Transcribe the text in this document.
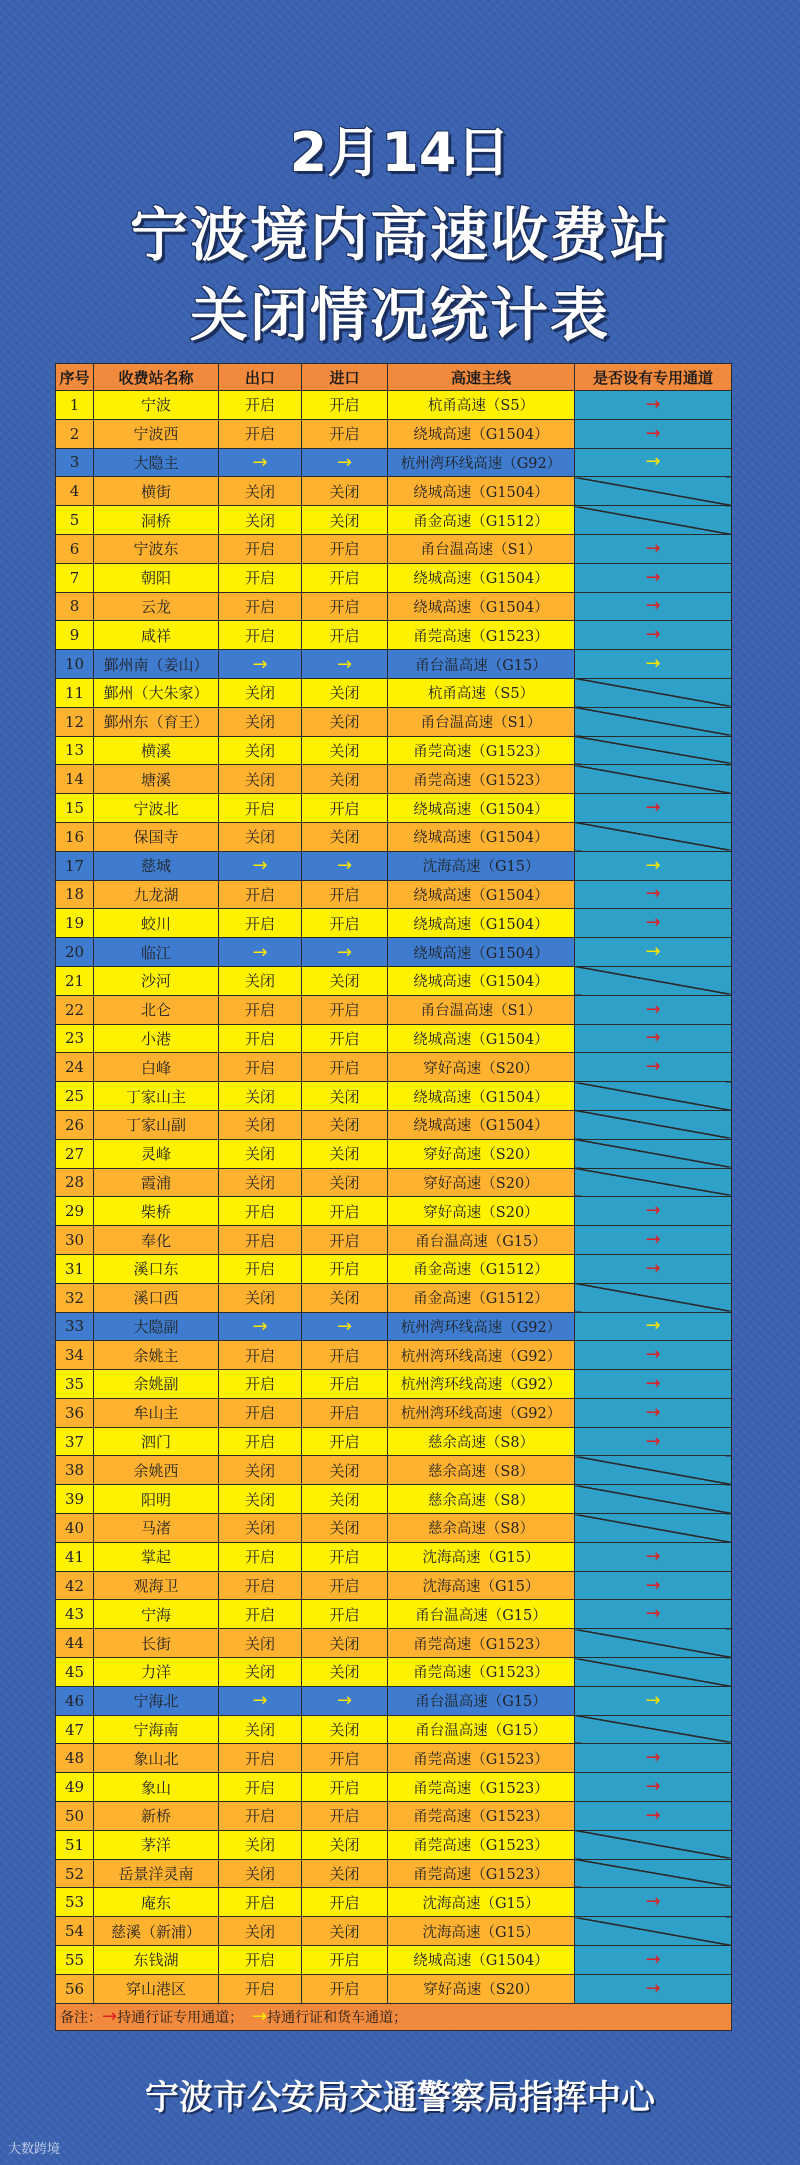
2月14日
宁波境内高速收费站
关闭情况统计表
序号	收费站名称	出口	进口	高速主线	是否设有专用通道
1	宁波	开启	开启	杭甬高速（S5）	→
2	宁波西	开启	开启	绕城高速（G1504）	→
3	大隐主	→	→	杭州湾环线高速（G92）	→
4	横街	关闭	关闭	绕城高速（G1504）	
5	洞桥	关闭	关闭	甬金高速（G1512）	
6	宁波东	开启	开启	甬台温高速（S1）	→
7	朝阳	开启	开启	绕城高速（G1504）	→
8	云龙	开启	开启	绕城高速（G1504）	→
9	咸祥	开启	开启	甬莞高速（G1523）	→
10	鄞州南（姜山）	→	→	甬台温高速（G15）	→
11	鄞州（大朱家）	关闭	关闭	杭甬高速（S5）	
12	鄞州东（育王）	关闭	关闭	甬台温高速（S1）	
13	横溪	关闭	关闭	甬莞高速（G1523）	
14	塘溪	关闭	关闭	甬莞高速（G1523）	
15	宁波北	开启	开启	绕城高速（G1504）	→
16	保国寺	关闭	关闭	绕城高速（G1504）	
17	慈城	→	→	沈海高速（G15）	→
18	九龙湖	开启	开启	绕城高速（G1504）	→
19	蛟川	开启	开启	绕城高速（G1504）	→
20	临江	→	→	绕城高速（G1504）	→
21	沙河	关闭	关闭	绕城高速（G1504）	
22	北仑	开启	开启	甬台温高速（S1）	→
23	小港	开启	开启	绕城高速（G1504）	→
24	白峰	开启	开启	穿好高速（S20）	→
25	丁家山主	关闭	关闭	绕城高速（G1504）	
26	丁家山副	关闭	关闭	绕城高速（G1504）	
27	灵峰	关闭	关闭	穿好高速（S20）	
28	霞浦	关闭	关闭	穿好高速（S20）	
29	柴桥	开启	开启	穿好高速（S20）	→
30	奉化	开启	开启	甬台温高速（G15）	→
31	溪口东	开启	开启	甬金高速（G1512）	→
32	溪口西	关闭	关闭	甬金高速（G1512）	
33	大隐副	→	→	杭州湾环线高速（G92）	→
34	余姚主	开启	开启	杭州湾环线高速（G92）	→
35	余姚副	开启	开启	杭州湾环线高速（G92）	→
36	牟山主	开启	开启	杭州湾环线高速（G92）	→
37	泗门	开启	开启	慈余高速（S8）	→
38	余姚西	关闭	关闭	慈余高速（S8）	
39	阳明	关闭	关闭	慈余高速（S8）	
40	马渚	关闭	关闭	慈余高速（S8）	
41	掌起	开启	开启	沈海高速（G15）	→
42	观海卫	开启	开启	沈海高速（G15）	→
43	宁海	开启	开启	甬台温高速（G15）	→
44	长街	关闭	关闭	甬莞高速（G1523）	
45	力洋	关闭	关闭	甬莞高速（G1523）	
46	宁海北	→	→	甬台温高速（G15）	→
47	宁海南	关闭	关闭	甬台温高速（G15）	
48	象山北	开启	开启	甬莞高速（G1523）	→
49	象山	开启	开启	甬莞高速（G1523）	→
50	新桥	开启	开启	甬莞高速（G1523）	→
51	茅洋	关闭	关闭	甬莞高速（G1523）	
52	岳景洋灵南	关闭	关闭	甬莞高速（G1523）	
53	庵东	开启	开启	沈海高速（G15）	→
54	慈溪（新浦）	关闭	关闭	沈海高速（G15）	
55	东钱湖	开启	开启	绕城高速（G1504）	→
56	穿山港区	开启	开启	穿好高速（S20）	→
备注：→持通行证专用通道； →持通行证和货车通道；					
宁波市公安局交通警察局指挥中心
大数跨境
